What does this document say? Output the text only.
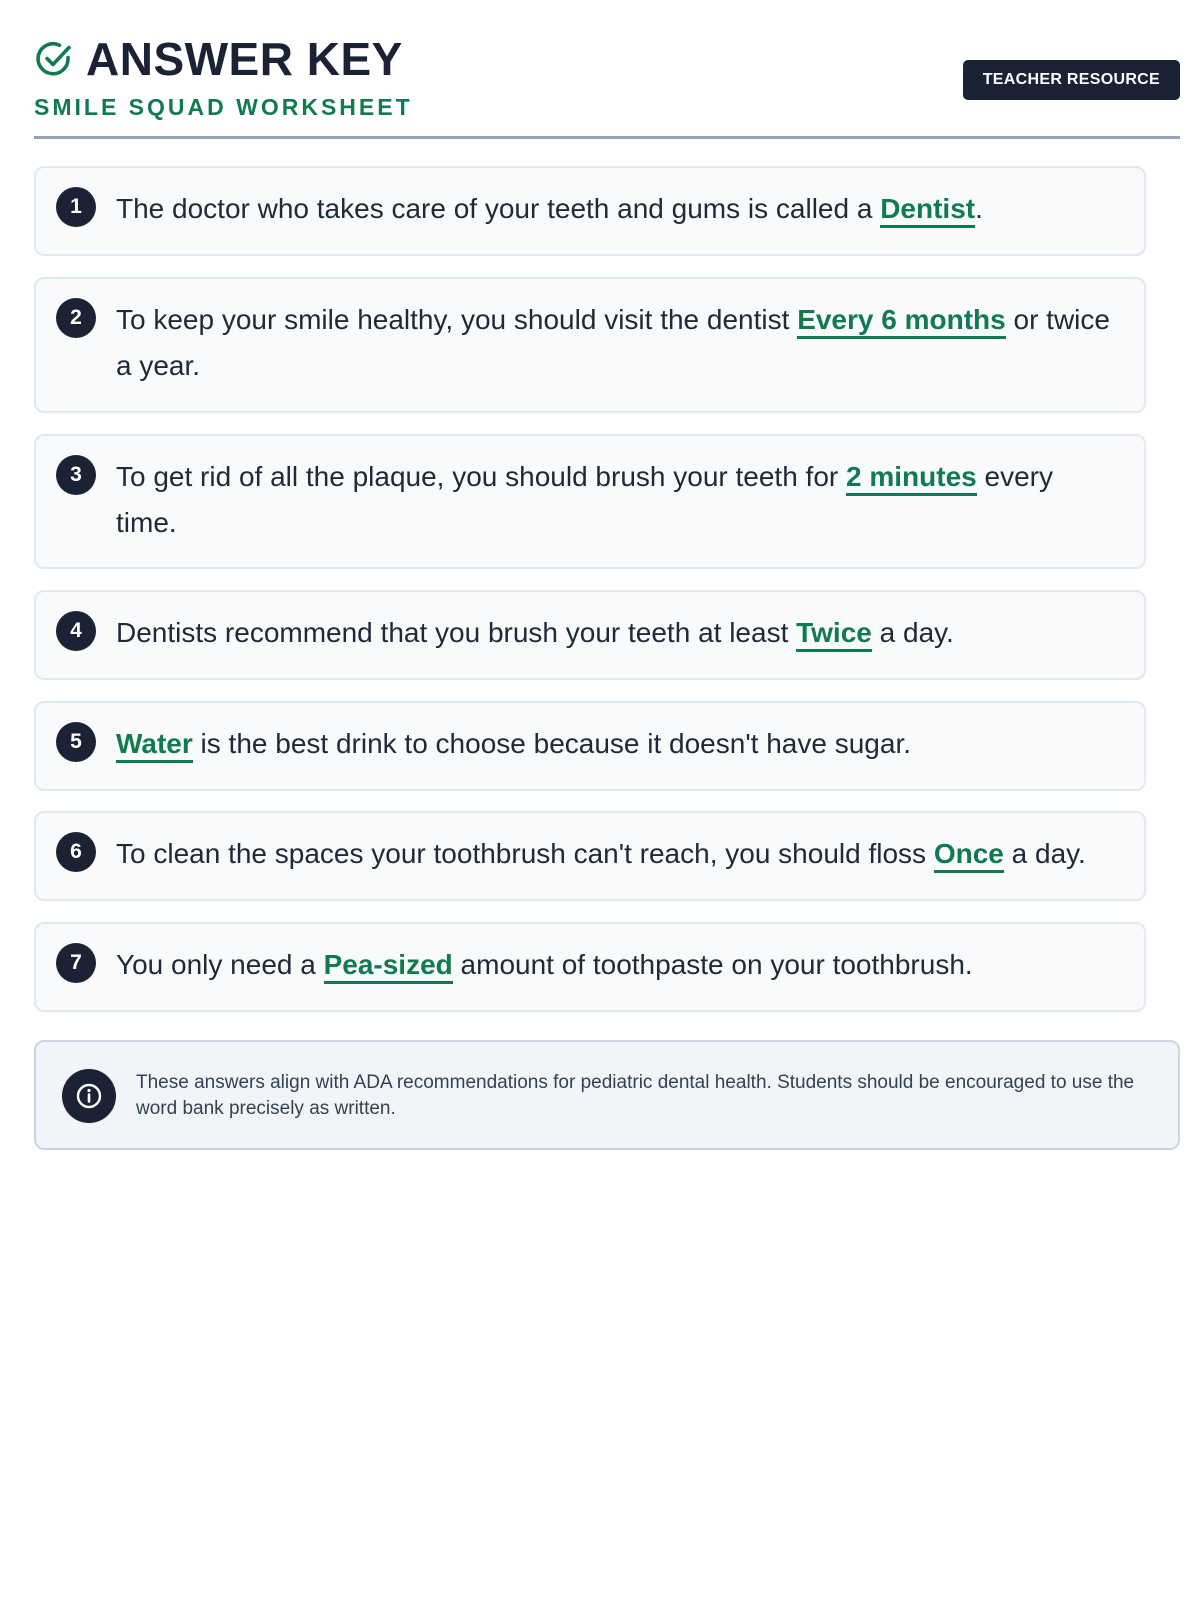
ANSWER KEY
SMILE SQUAD WORKSHEET
TEACHER RESOURCE
1	The doctor who takes care of your teeth and gums is called a Dentist.
2	To keep your smile healthy, you should visit the dentist Every 6 months or twice a year.
3	To get rid of all the plaque, you should brush your teeth for 2 minutes every time.
4	Dentists recommend that you brush your teeth at least Twice a day.
5	Water is the best drink to choose because it doesn't have sugar.
6	To clean the spaces your toothbrush can't reach, you should floss Once a day.
7	You only need a Pea-sized amount of toothpaste on your toothbrush.
These answers align with ADA recommendations for pediatric dental health. Students should be encouraged to use the word bank precisely as written.
